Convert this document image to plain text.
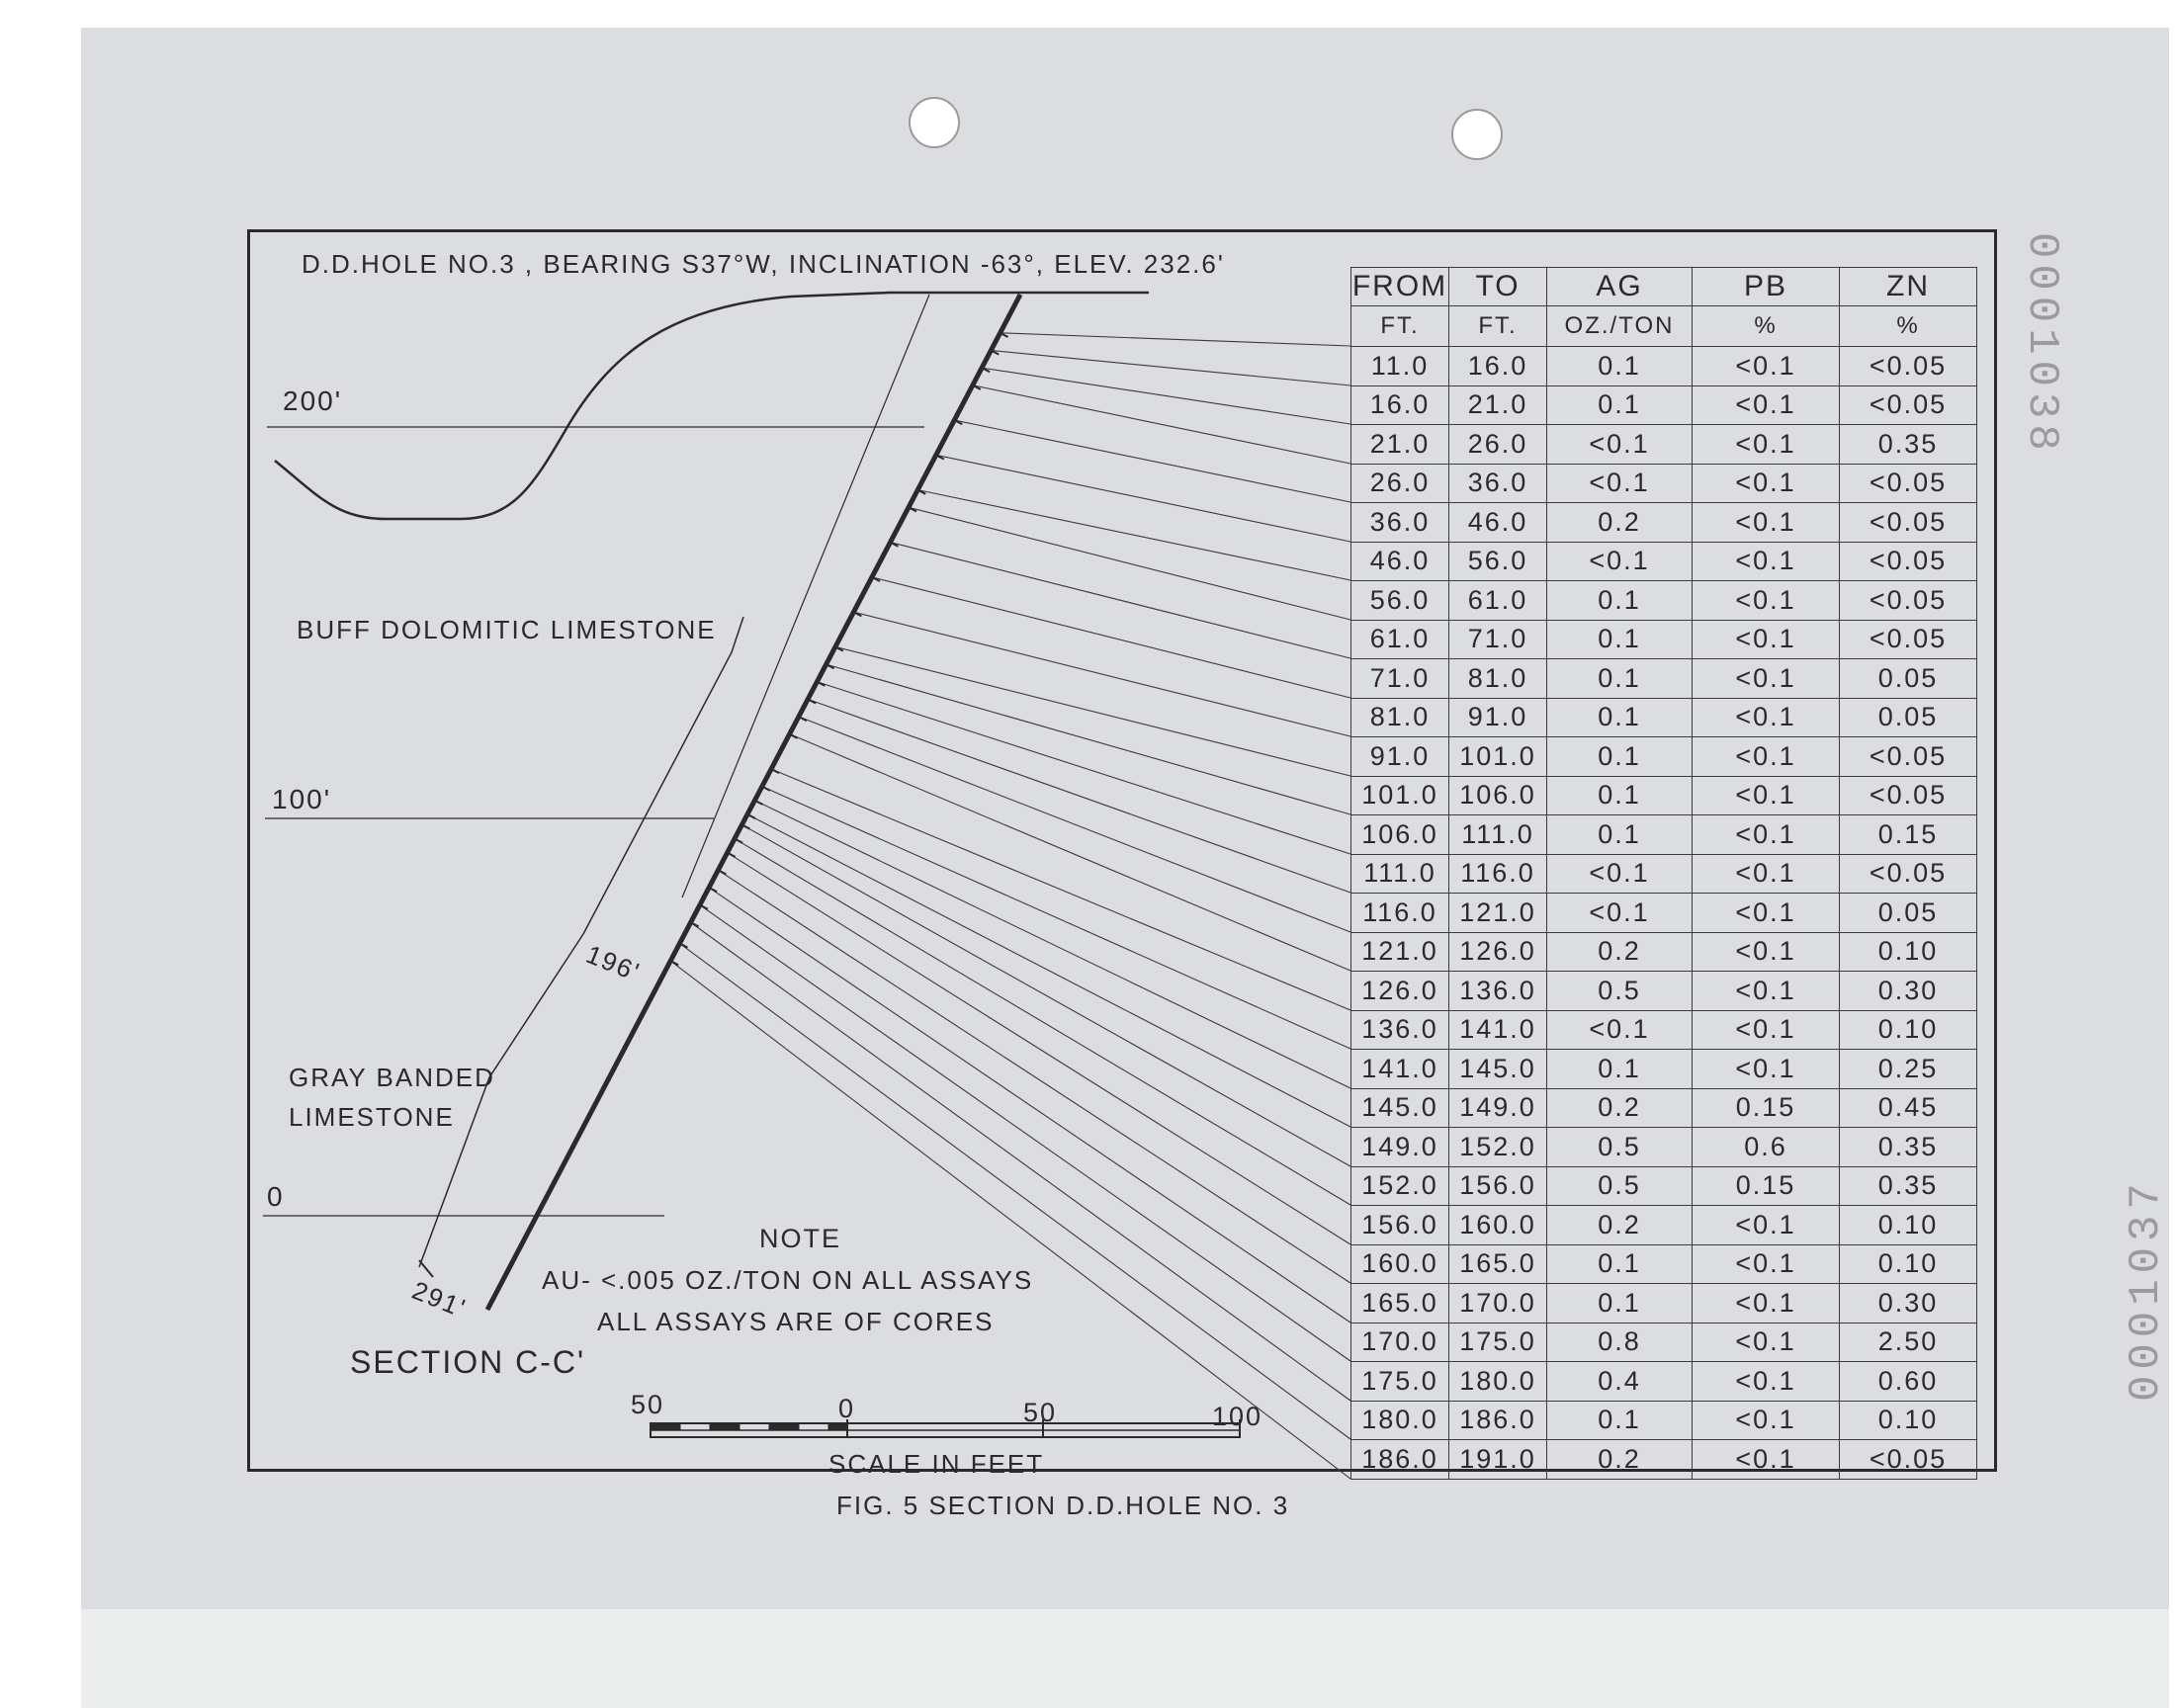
D.D.HOLE NO.3 , BEARING S37°W, INCLINATION -63°, ELEV. 232.6'
200'
100'
0
BUFF DOLOMITIC LIMESTONE
GRAY BANDED
LIMESTONE
196'
291'
NOTE
AU- <.005 OZ./TON ON ALL ASSAYS
ALL ASSAYS ARE OF CORES
SECTION C-C'
50	0	50	100
SCALE IN FEET
FIG. 5 SECTION D.D.HOLE NO. 3
0001038
0001037
FROM	TO	AG	PB	ZN
FT.	FT.	OZ./TON	%	%
11.0	16.0	0.1	<0.1	<0.05
16.0	21.0	0.1	<0.1	<0.05
21.0	26.0	<0.1	<0.1	0.35
26.0	36.0	<0.1	<0.1	<0.05
36.0	46.0	0.2	<0.1	<0.05
46.0	56.0	<0.1	<0.1	<0.05
56.0	61.0	0.1	<0.1	<0.05
61.0	71.0	0.1	<0.1	<0.05
71.0	81.0	0.1	<0.1	0.05
81.0	91.0	0.1	<0.1	0.05
91.0	101.0	0.1	<0.1	<0.05
101.0	106.0	0.1	<0.1	<0.05
106.0	111.0	0.1	<0.1	0.15
111.0	116.0	<0.1	<0.1	<0.05
116.0	121.0	<0.1	<0.1	0.05
121.0	126.0	0.2	<0.1	0.10
126.0	136.0	0.5	<0.1	0.30
136.0	141.0	<0.1	<0.1	0.10
141.0	145.0	0.1	<0.1	0.25
145.0	149.0	0.2	0.15	0.45
149.0	152.0	0.5	0.6	0.35
152.0	156.0	0.5	0.15	0.35
156.0	160.0	0.2	<0.1	0.10
160.0	165.0	0.1	<0.1	0.10
165.0	170.0	0.1	<0.1	0.30
170.0	175.0	0.8	<0.1	2.50
175.0	180.0	0.4	<0.1	0.60
180.0	186.0	0.1	<0.1	0.10
186.0	191.0	0.2	<0.1	<0.05
